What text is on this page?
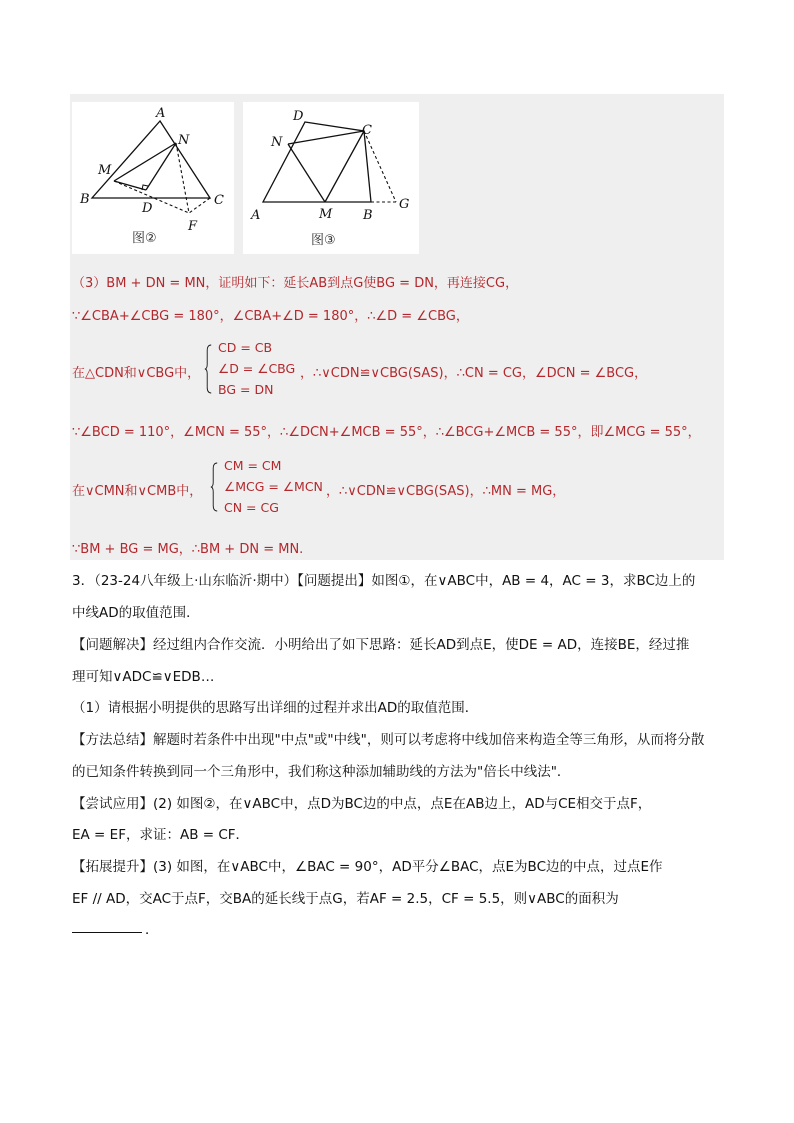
A
N
M
B
D
C
F
图②
D
C
N
A	M B
G
图③
（3）BM + DN = MN，证明如下：延长AB到点G使BG = DN，再连接CG，
∵∠CBA+∠CBG = 180°，∠CBA+∠D = 180°，∴∠D = ∠CBG，
在△CDN和∨CBG中，
CD = CB
∠D = ∠CBG
BG = DN
，∴∨CDN≌∨CBG(SAS)，∴CN = CG，∠DCN = ∠BCG，
∵∠BCD = 110°，∠MCN = 55°，∴∠DCN+∠MCB = 55°，∴∠BCG+∠MCB = 55°，即∠MCG = 55°，
在∨CMN和∨CMB中，
CM = CM
∠MCG = ∠MCN
CN = CG
，∴∨CDN≌∨CBG(SAS)，∴MN = MG，
∵BM + BG = MG，∴BM + DN = MN.
3．（23-24八年级上·山东临沂·期中）【问题提出】如图①，在∨ABC中，AB = 4，AC = 3，求BC边上的
中线AD的取值范围．
【问题解决】经过组内合作交流．小明给出了如下思路：延长AD到点E，使DE = AD，连接BE，经过推
理可知∨ADC≌∨EDB…
（1）请根据小明提供的思路写出详细的过程并求出AD的取值范围．
【方法总结】解题时若条件中出现"中点"或"中线"，则可以考虑将中线加倍来构造全等三角形，从而将分散
的已知条件转换到同一个三角形中，我们称这种添加辅助线的方法为"倍长中线法"．
【尝试应用】(2) 如图②，在∨ABC中，点D为BC边的中点，点E在AB边上，AD与CE相交于点F，
EA = EF，求证：AB = CF．
【拓展提升】(3) 如图，在∨ABC中，∠BAC = 90°，AD平分∠BAC，点E为BC边的中点，过点E作
EF // AD，交AC于点F，交BA的延长线于点G，若AF = 2.5，CF = 5.5，则∨ABC的面积为
．
